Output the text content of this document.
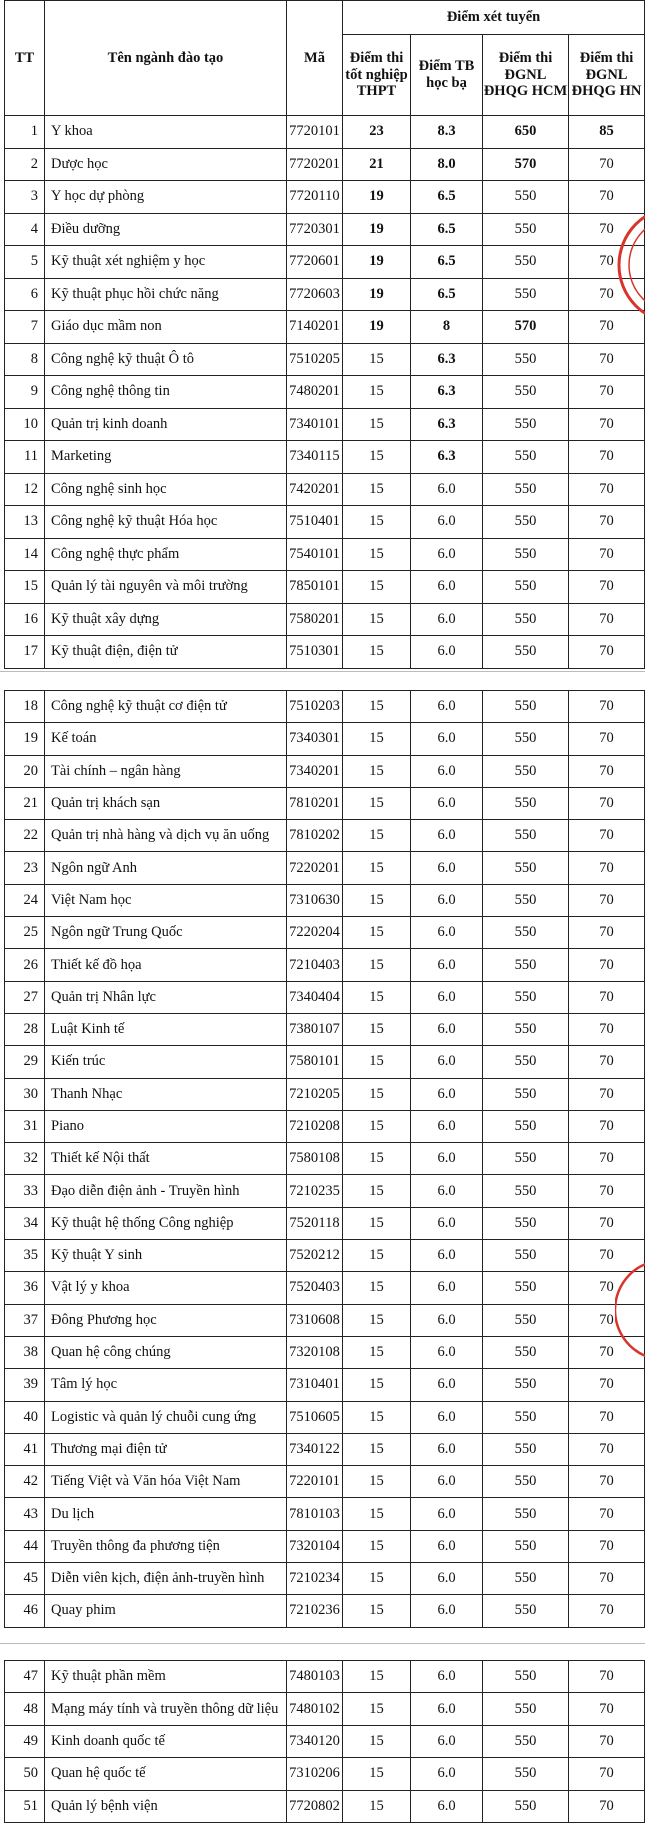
TT	Tên ngành đào tạo	Mã	Điểm xét tuyển			
			Điểm thi tốt nghiệp THPT	Điểm TB học bạ	Điểm thi ĐGNL ĐHQG HCM	Điểm thi ĐGNL ĐHQG HN
1	Y khoa	7720101	23	8.3	650	85
2	Dược học	7720201	21	8.0	570	70
3	Y học dự phòng	7720110	19	6.5	550	70
4	Điều dưỡng	7720301	19	6.5	550	70
5	Kỹ thuật xét nghiệm y học	7720601	19	6.5	550	70
6	Kỹ thuật phục hồi chức năng	7720603	19	6.5	550	70
7	Giáo dục mầm non	7140201	19	8	570	70
8	Công nghệ kỹ thuật Ô tô	7510205	15	6.3	550	70
9	Công nghệ thông tin	7480201	15	6.3	550	70
10	Quản trị kinh doanh	7340101	15	6.3	550	70
11	Marketing	7340115	15	6.3	550	70
12	Công nghệ sinh học	7420201	15	6.0	550	70
13	Công nghệ kỹ thuật Hóa học	7510401	15	6.0	550	70
14	Công nghệ thực phẩm	7540101	15	6.0	550	70
15	Quản lý tài nguyên và môi trường	7850101	15	6.0	550	70
16	Kỹ thuật xây dựng	7580201	15	6.0	550	70
17	Kỹ thuật điện, điện tử	7510301	15	6.0	550	70
18	Công nghệ kỹ thuật cơ điện tử	7510203	15	6.0	550	70
19	Kế toán	7340301	15	6.0	550	70
20	Tài chính – ngân hàng	7340201	15	6.0	550	70
21	Quản trị khách sạn	7810201	15	6.0	550	70
22	Quản trị nhà hàng và dịch vụ ăn uống	7810202	15	6.0	550	70
23	Ngôn ngữ Anh	7220201	15	6.0	550	70
24	Việt Nam học	7310630	15	6.0	550	70
25	Ngôn ngữ Trung Quốc	7220204	15	6.0	550	70
26	Thiết kế đồ họa	7210403	15	6.0	550	70
27	Quản trị Nhân lực	7340404	15	6.0	550	70
28	Luật Kinh tế	7380107	15	6.0	550	70
29	Kiến trúc	7580101	15	6.0	550	70
30	Thanh Nhạc	7210205	15	6.0	550	70
31	Piano	7210208	15	6.0	550	70
32	Thiết kế Nội thất	7580108	15	6.0	550	70
33	Đạo diễn điện ảnh - Truyền hình	7210235	15	6.0	550	70
34	Kỹ thuật hệ thống Công nghiệp	7520118	15	6.0	550	70
35	Kỹ thuật Y sinh	7520212	15	6.0	550	70
36	Vật lý y khoa	7520403	15	6.0	550	70
37	Đông Phương học	7310608	15	6.0	550	70
38	Quan hệ công chúng	7320108	15	6.0	550	70
39	Tâm lý học	7310401	15	6.0	550	70
40	Logistic và quản lý chuỗi cung ứng	7510605	15	6.0	550	70
41	Thương mại điện tử	7340122	15	6.0	550	70
42	Tiếng Việt và Văn hóa Việt Nam	7220101	15	6.0	550	70
43	Du lịch	7810103	15	6.0	550	70
44	Truyền thông đa phương tiện	7320104	15	6.0	550	70
45	Diễn viên kịch, điện ảnh-truyền hình	7210234	15	6.0	550	70
46	Quay phim	7210236	15	6.0	550	70
47	Kỹ thuật phần mềm	7480103	15	6.0	550	70
48	Mạng máy tính và truyền thông dữ liệu	7480102	15	6.0	550	70
49	Kinh doanh quốc tế	7340120	15	6.0	550	70
50	Quan hệ quốc tế	7310206	15	6.0	550	70
51	Quản lý bệnh viện	7720802	15	6.0	550	70
